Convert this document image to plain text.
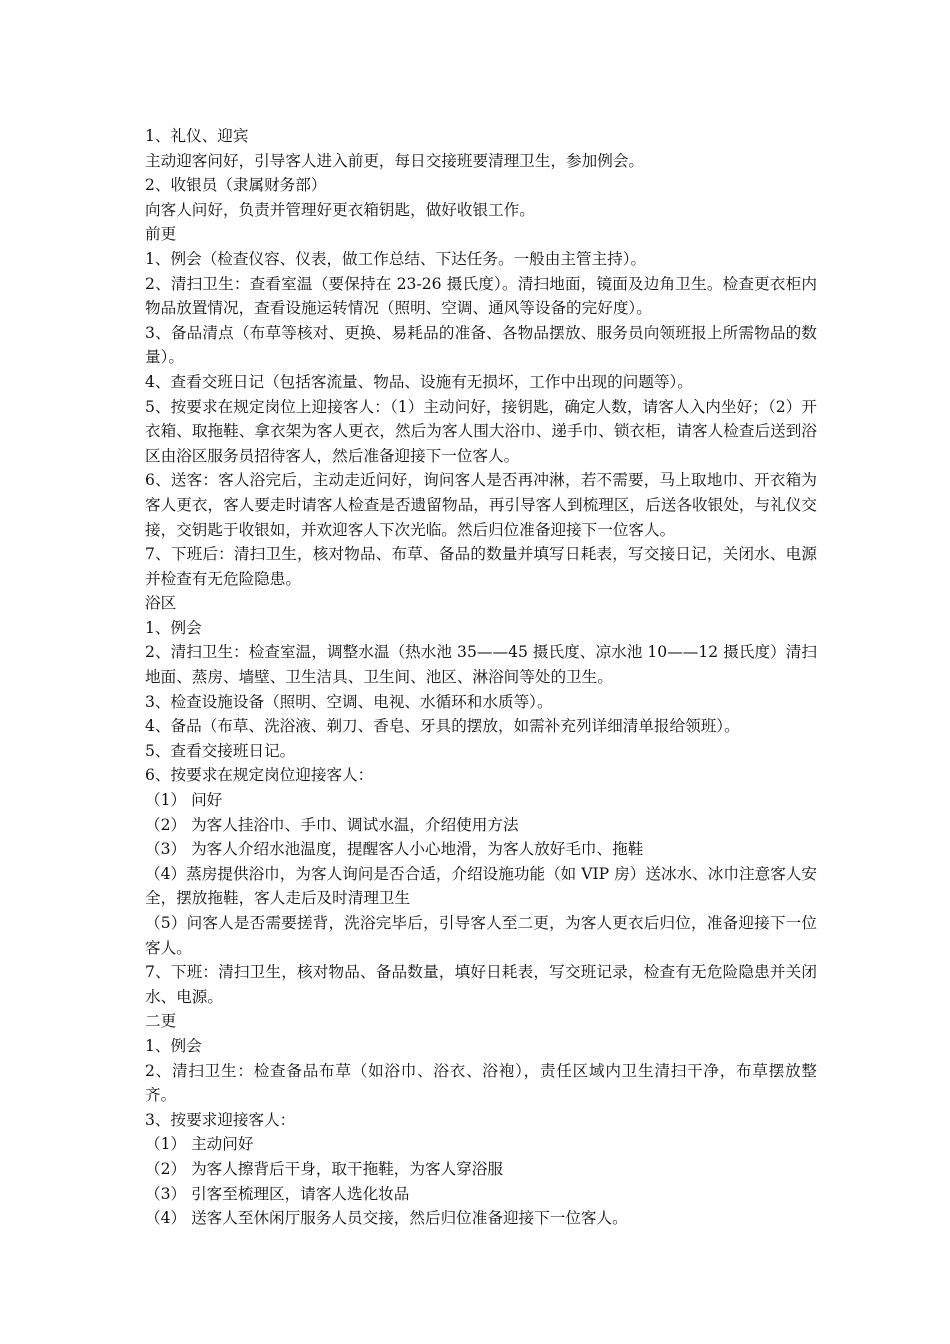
1、礼仪、迎宾

主动迎客问好，引导客人进入前更，每日交接班要清理卫生，参加例会。

2、收银员（隶属财务部）

向客人问好，负责并管理好更衣箱钥匙，做好收银工作。

前更

1、例会（检查仪容、仪表，做工作总结、下达任务。一般由主管主持）。

2、清扫卫生：查看室温（要保持在 23-26 摄氏度）。清扫地面，镜面及边角卫生。检查更衣柜内物品放置情况，查看设施运转情况（照明、空调、通风等设备的完好度）。

3、备品清点（布草等核对、更换、易耗品的准备、各物品摆放、服务员向领班报上所需物品的数量）。

4、查看交班日记（包括客流量、物品、设施有无损坏，工作中出现的问题等）。

5、按要求在规定岗位上迎接客人：（1）主动问好，接钥匙，确定人数，请客人入内坐好；（2）开衣箱、取拖鞋、拿衣架为客人更衣，然后为客人围大浴巾、递手巾、锁衣柜，请客人检查后送到浴区由浴区服务员招待客人，然后准备迎接下一位客人。

6、送客：客人浴完后，主动走近问好，询问客人是否再冲淋，若不需要，马上取地巾、开衣箱为客人更衣，客人要走时请客人检查是否遗留物品，再引导客人到梳理区，后送各收银处，与礼仪交接，交钥匙于收银如，并欢迎客人下次光临。然后归位准备迎接下一位客人。

7、下班后：清扫卫生，核对物品、布草、备品的数量并填写日耗表，写交接日记，关闭水、电源并检查有无危险隐患。

浴区

1、例会

2、清扫卫生：检查室温，调整水温（热水池 35——45 摄氏度、凉水池 10——12 摄氏度）清扫地面、蒸房、墙壁、卫生洁具、卫生间、池区、淋浴间等处的卫生。

3、检查设施设备（照明、空调、电视、水循环和水质等）。

4、备品（布草、洗浴液、剃刀、香皂、牙具的摆放，如需补充列详细清单报给领班）。

5、查看交接班日记。

6、按要求在规定岗位迎接客人：

（1） 问好

（2） 为客人挂浴巾、手巾、调试水温，介绍使用方法

（3） 为客人介绍水池温度，提醒客人小心地滑，为客人放好毛巾、拖鞋

（4）蒸房提供浴巾，为客人询问是否合适，介绍设施功能（如 VIP 房）送冰水、冰巾注意客人安全，摆放拖鞋，客人走后及时清理卫生

（5）问客人是否需要搓背，洗浴完毕后，引导客人至二更，为客人更衣后归位，准备迎接下一位客人。

7、下班：清扫卫生，核对物品、备品数量，填好日耗表，写交班记录，检查有无危险隐患并关闭水、电源。

二更

1、例会

2、清扫卫生：检查备品布草（如浴巾、浴衣、浴袍），责任区域内卫生清扫干净，布草摆放整齐。

3、按要求迎接客人：

（1） 主动问好

（2） 为客人擦背后干身，取干拖鞋，为客人穿浴服

（3） 引客至梳理区，请客人选化妆品

（4） 送客人至休闲厅服务人员交接，然后归位准备迎接下一位客人。
